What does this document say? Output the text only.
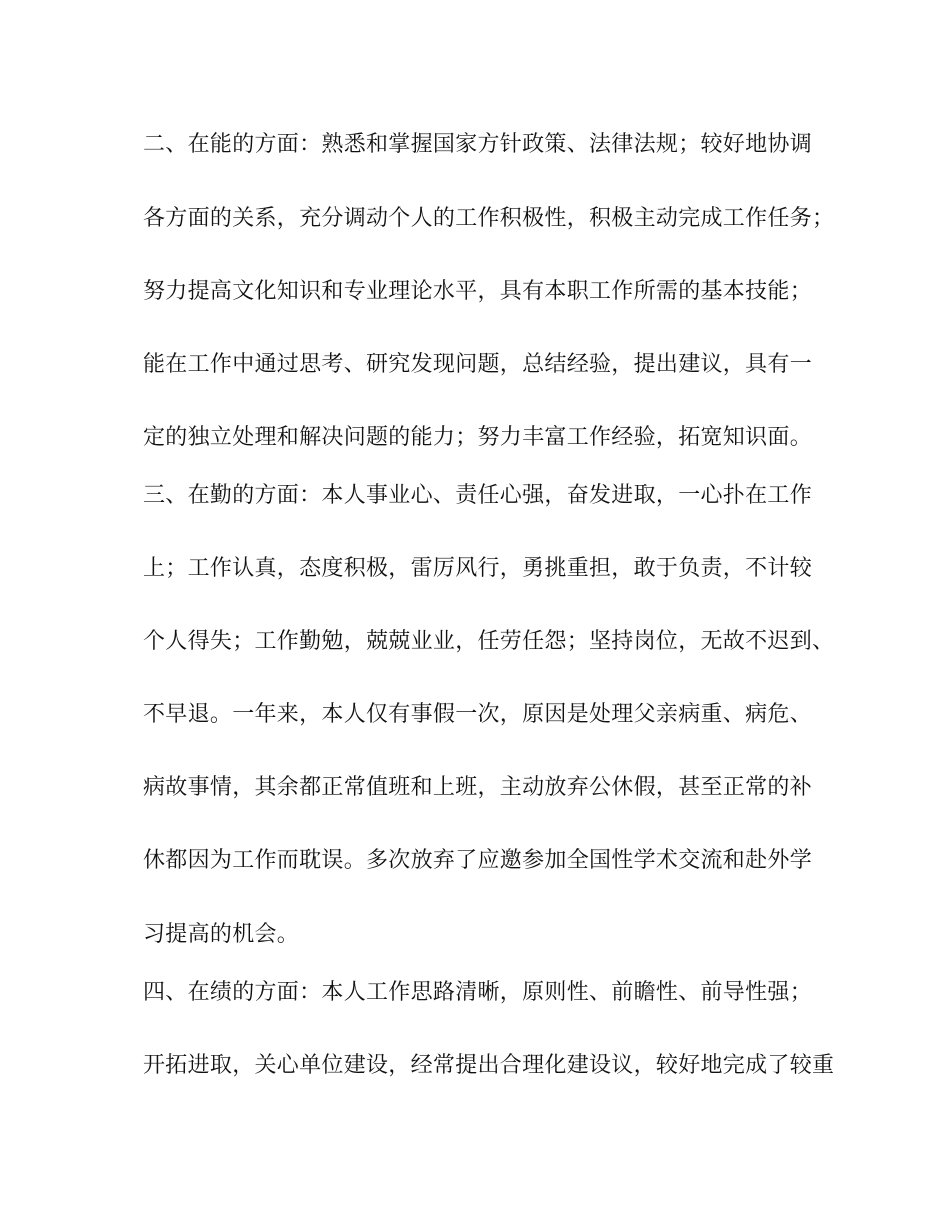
二、在能的方面：熟悉和掌握国家方针政策、法律法规；较好地协调
各方面的关系，充分调动个人的工作积极性，积极主动完成工作任务；
努力提高文化知识和专业理论水平，具有本职工作所需的基本技能；
能在工作中通过思考、研究发现问题，总结经验，提出建议，具有一
定的独立处理和解决问题的能力；努力丰富工作经验，拓宽知识面。
三、在勤的方面：本人事业心、责任心强，奋发进取，一心扑在工作
上；工作认真，态度积极，雷厉风行，勇挑重担，敢于负责，不计较
个人得失；工作勤勉，兢兢业业，任劳任怨；坚持岗位，无故不迟到、
不早退。一年来，本人仅有事假一次，原因是处理父亲病重、病危、
病故事情，其余都正常值班和上班，主动放弃公休假，甚至正常的补
休都因为工作而耽误。多次放弃了应邀参加全国性学术交流和赴外学
习提高的机会。
四、在绩的方面：本人工作思路清晰，原则性、前瞻性、前导性强；
开拓进取，关心单位建设，经常提出合理化建设议，较好地完成了较重
